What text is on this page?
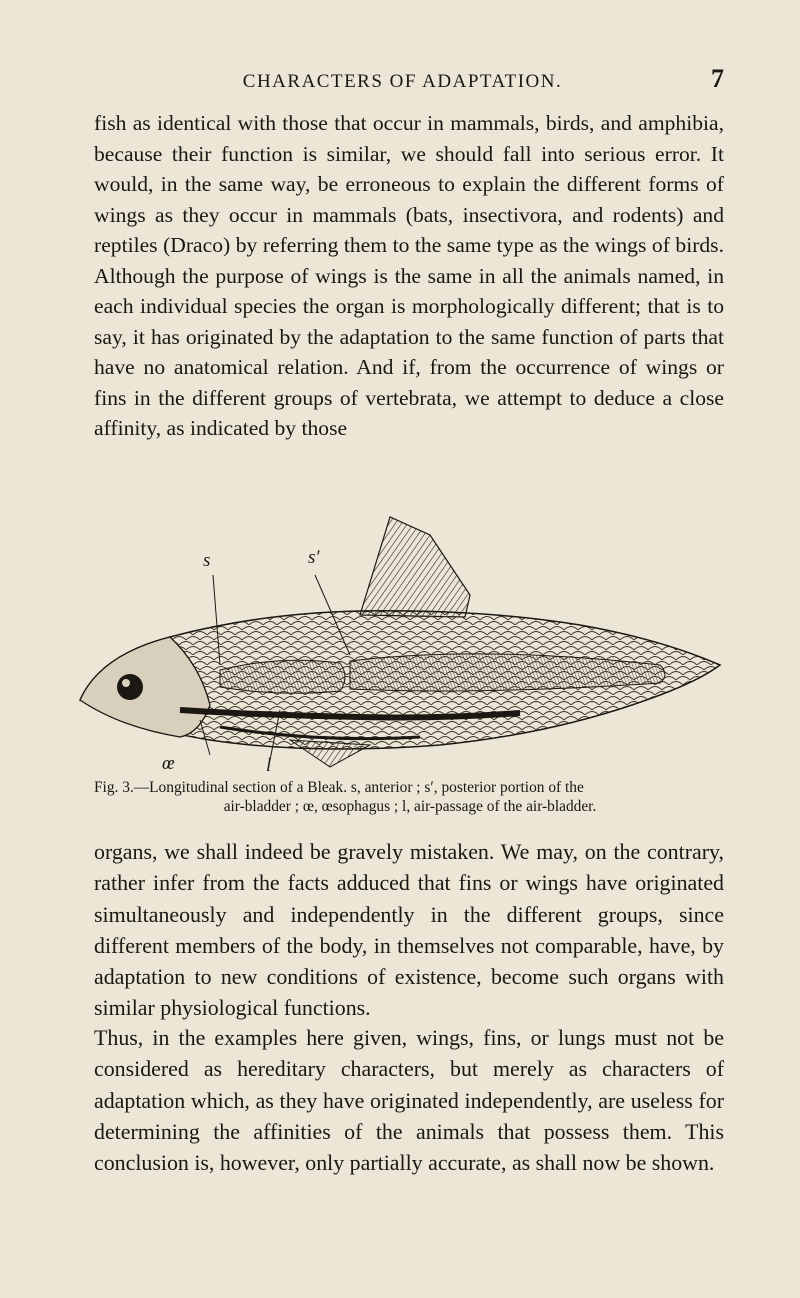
CHARACTERS OF ADAPTATION.	7

fish as identical with those that occur in mammals, birds, and amphibia, because their function is similar, we should fall into serious error. It would, in the same way, be erroneous to explain the different forms of wings as they occur in mammals (bats, insectivora, and rodents) and reptiles (Draco) by referring them to the same type as the wings of birds. Although the purpose of wings is the same in all the animals named, in each individual species the organ is morphologically different; that is to say, it has originated by the adaptation to the same function of parts that have no anatomical relation. And if, from the occurrence of wings or fins in the different groups of vertebrata, we attempt to deduce a close affinity, as indicated by those

s	s′
œ	l
Fig. 3.—Longitudinal section of a Bleak. s, anterior ; s′, posterior portion of the
air-bladder ; œ, œsophagus ; l, air-passage of the air-bladder.

organs, we shall indeed be gravely mistaken. We may, on the contrary, rather infer from the facts adduced that fins or wings have originated simultaneously and independently in the different groups, since different members of the body, in themselves not comparable, have, by adaptation to new conditions of existence, become such organs with similar physiological functions.

Thus, in the examples here given, wings, fins, or lungs must not be considered as hereditary characters, but merely as characters of adaptation which, as they have originated independently, are useless for determining the affinities of the animals that possess them. This conclusion is, however, only partially accurate, as shall now be shown.
